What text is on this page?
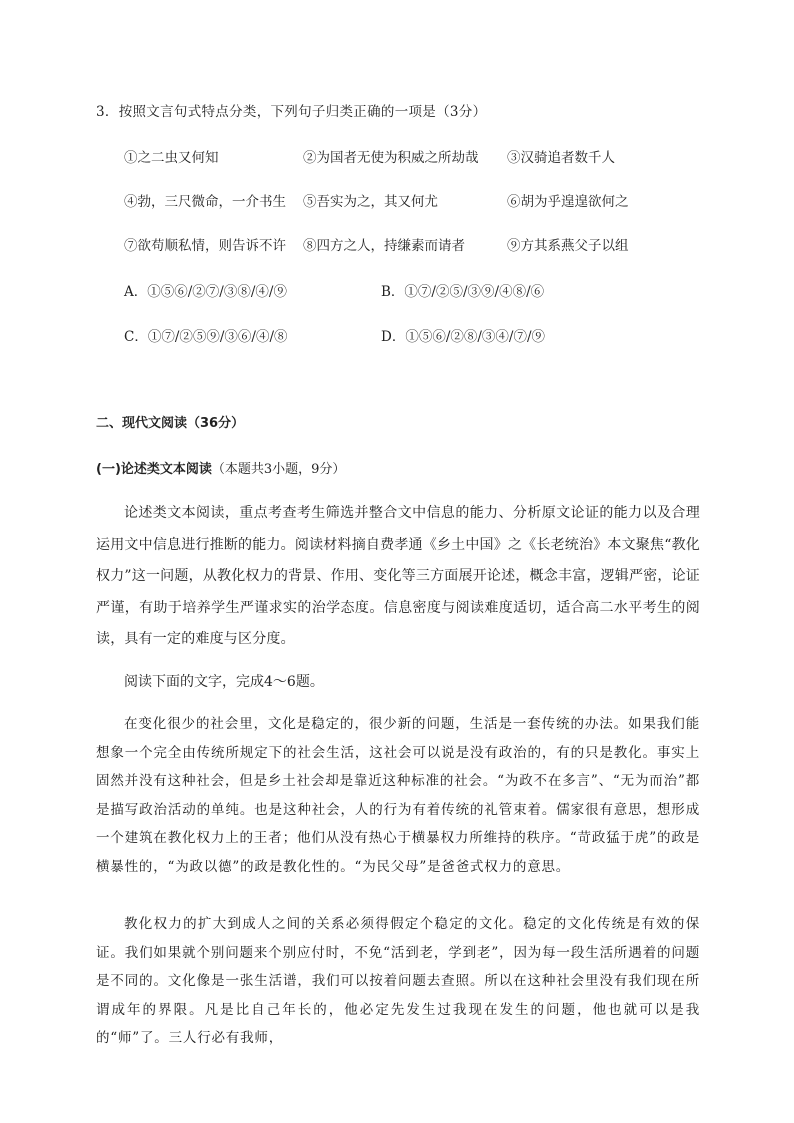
3．按照文言句式特点分类，下列句子归类正确的一项是（3分）
①之二虫又何知	②为国者无使为积威之所劫哉 ③汉骑追者数千人
④勃，三尺微命，一介书生 ⑤吾实为之，其又何尤	⑥胡为乎遑遑欲何之
⑦欲苟顺私情，则告诉不许 ⑧四方之人，持缣素而请者	⑨方其系燕父子以组
A．①⑤⑥/②⑦/③⑧/④/⑨	B．①⑦/②⑤/③⑨/④⑧/⑥
C．①⑦/②⑤⑨/③⑥/④/⑧	D．①⑤⑥/②⑧/③④/⑦/⑨
二、现代文阅读（36分）
(一)论述类文本阅读（本题共3小题，9分）
论述类文本阅读，重点考查考生筛选并整合文中信息的能力、分析原文论证的能力以及合理运用文中信息进行推断的能力。阅读材料摘自费孝通《乡土中国》之《长老统治》本文聚焦“教化权力”这一问题，从教化权力的背景、作用、变化等三方面展开论述，概念丰富，逻辑严密，论证严谨，有助于培养学生严谨求实的治学态度。信息密度与阅读难度适切，适合高二水平考生的阅读，具有一定的难度与区分度。
阅读下面的文字，完成4～6题。
在变化很少的社会里，文化是稳定的，很少新的问题，生活是一套传统的办法。如果我们能想象一个完全由传统所规定下的社会生活，这社会可以说是没有政治的，有的只是教化。事实上固然并没有这种社会，但是乡土社会却是靠近这种标准的社会。“为政不在多言”、“无为而治”都是描写政治活动的单纯。也是这种社会，人的行为有着传统的礼管束着。儒家很有意思，想形成一个建筑在教化权力上的王者；他们从没有热心于横暴权力所维持的秩序。“苛政猛于虎”的政是横暴性的，“为政以德”的政是教化性的。“为民父母”是爸爸式权力的意思。
教化权力的扩大到成人之间的关系必须得假定个稳定的文化。稳定的文化传统是有效的保证。我们如果就个别问题来个别应付时，不免“活到老，学到老”，因为每一段生活所遇着的问题是不同的。文化像是一张生活谱，我们可以按着问题去查照。所以在这种社会里没有我们现在所谓成年的界限。凡是比自己年长的，他必定先发生过我现在发生的问题，他也就可以是我的“师”了。三人行必有我师，
